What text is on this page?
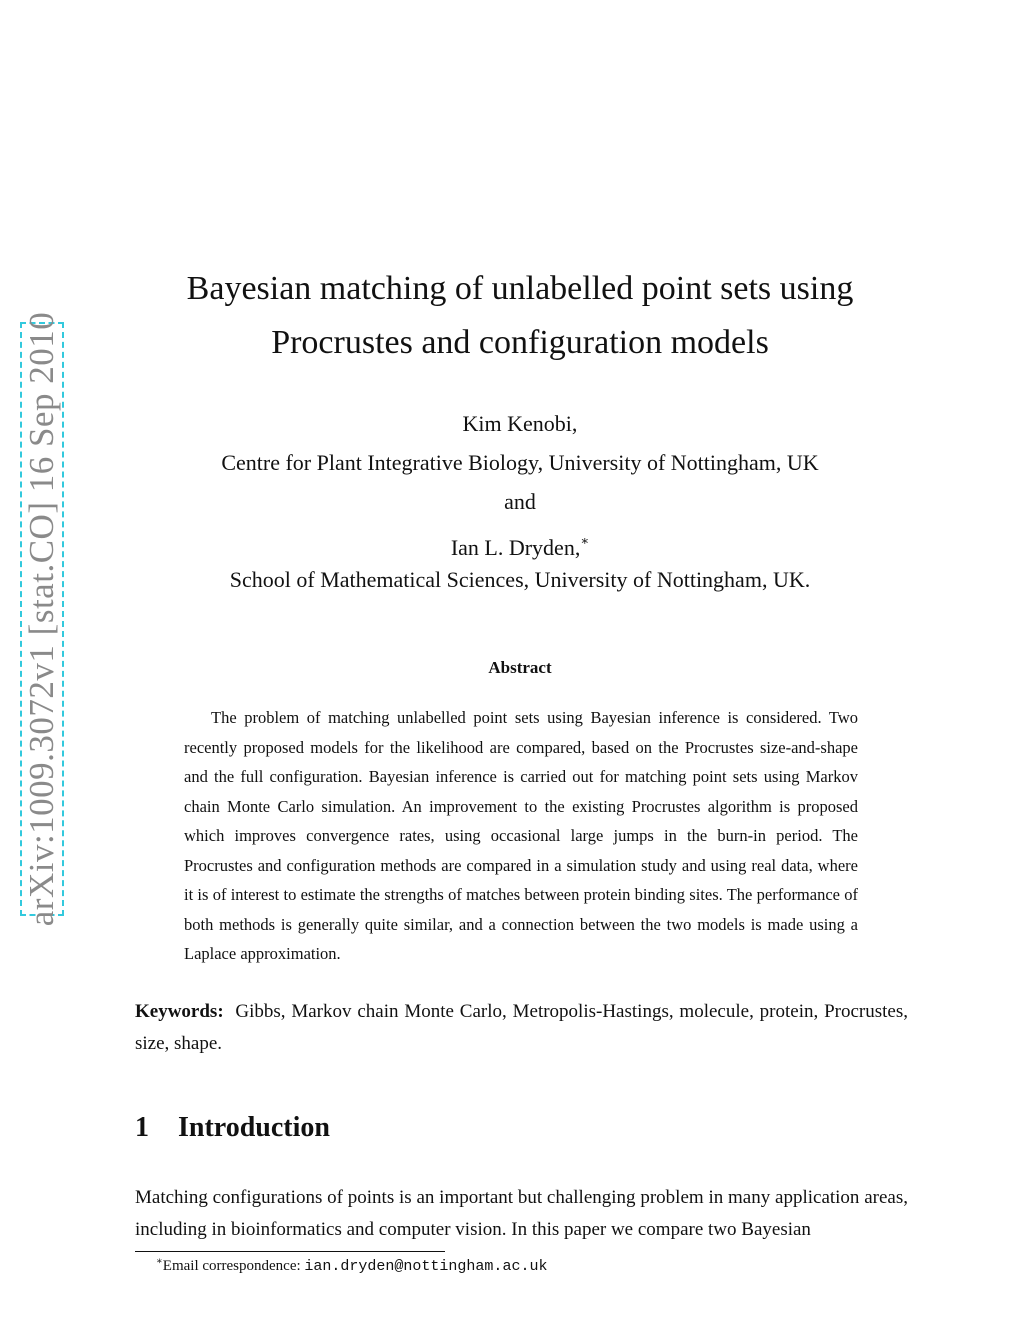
arXiv:1009.3072v1 [stat.CO] 16 Sep 2010
Bayesian matching of unlabelled point sets using
Procrustes and configuration models
Kim Kenobi,
Centre for Plant Integrative Biology, University of Nottingham, UK
and
Ian L. Dryden,∗
School of Mathematical Sciences, University of Nottingham, UK.
Abstract
The problem of matching unlabelled point sets using Bayesian inference is considered. Two recently proposed models for the likelihood are compared, based on the Procrustes size-and-shape and the full configuration. Bayesian inference is carried out for matching point sets using Markov chain Monte Carlo simulation. An improvement to the existing Procrustes algorithm is proposed which improves convergence rates, using occasional large jumps in the burn-in period. The Procrustes and configuration methods are compared in a simulation study and using real data, where it is of interest to estimate the strengths of matches between protein binding sites. The performance of both methods is generally quite similar, and a connection between the two models is made using a Laplace approximation.
Keywords: Gibbs, Markov chain Monte Carlo, Metropolis-Hastings, molecule, protein, Procrustes, size, shape.
1 Introduction
Matching configurations of points is an important but challenging problem in many application areas, including in bioinformatics and computer vision. In this paper we compare two Bayesian
∗Email correspondence: ian.dryden@nottingham.ac.uk
